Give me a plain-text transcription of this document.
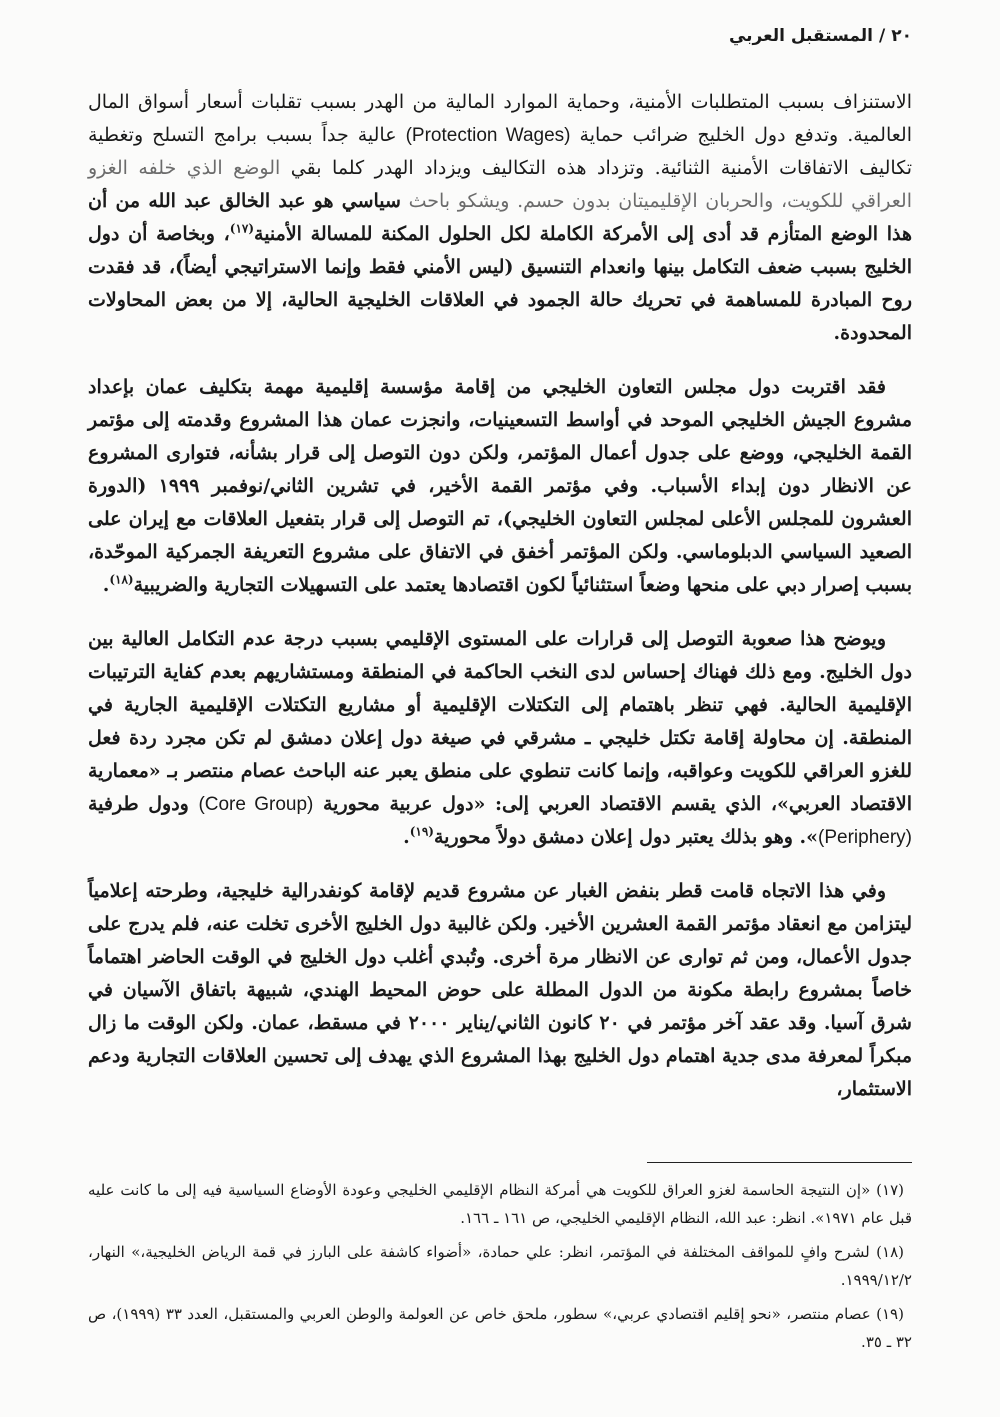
٢٠/المستقبل العربي

الاستنزاف بسبب المتطلبات الأمنية، وحماية الموارد المالية من الهدر بسبب تقلبات أسعار أسواق المال العالمية. وتدفع دول الخليج ضرائب حماية (Protection Wages) عالية جداً بسبب برامج التسلح وتغطية تكاليف الاتفاقات الأمنية الثنائية. وتزداد هذه التكاليف ويزداد الهدر كلما بقي الوضع الذي خلفه الغزو العراقي للكويت، والحربان الإقليميتان بدون حسم. ويشكو باحث سياسي هو عبد الخالق عبد الله من أن هذا الوضع المتأزم قد أدى إلى الأمركة الكاملة لكل الحلول المكنة للمسالة الأمنية$^{(١٧)}$، وبخاصة أن دول الخليج بسبب ضعف التكامل بينها وانعدام التنسيق (ليس الأمني فقط وإنما الاستراتيجي أيضاً)، قد فقدت روح المبادرة للمساهمة في تحريك حالة الجمود في العلاقات الخليجية الحالية، إلا من بعض المحاولات المحدودة.

فقد اقتربت دول مجلس التعاون الخليجي من إقامة مؤسسة إقليمية مهمة بتكليف عمان بإعداد مشروع الجيش الخليجي الموحد في أواسط التسعينيات، وانجزت عمان هذا المشروع وقدمته إلى مؤتمر القمة الخليجي، ووضع على جدول أعمال المؤتمر، ولكن دون التوصل إلى قرار بشأنه، فتوارى المشروع عن الانظار دون إبداء الأسباب. وفي مؤتمر القمة الأخير، في تشرين الثاني/نوفمبر ١٩٩٩ (الدورة العشرون للمجلس الأعلى لمجلس التعاون الخليجي)، تم التوصل إلى قرار بتفعيل العلاقات مع إيران على الصعيد السياسي الدبلوماسي. ولكن المؤتمر أخفق في الاتفاق على مشروع التعريفة الجمركية الموحّدة، بسبب إصرار دبي على منحها وضعاً استثنائياً لكون اقتصادها يعتمد على التسهيلات التجارية والضريبية$^{(١٨)}$.

ويوضح هذا صعوبة التوصل إلى قرارات على المستوى الإقليمي بسبب درجة عدم التكامل العالية بين دول الخليج. ومع ذلك فهناك إحساس لدى النخب الحاكمة في المنطقة ومستشاريهم بعدم كفاية الترتيبات الإقليمية الحالية. فهي تنظر باهتمام إلى التكتلات الإقليمية أو مشاريع التكتلات الإقليمية الجارية في المنطقة. إن محاولة إقامة تكتل خليجي ـ مشرقي في صيغة دول إعلان دمشق لم تكن مجرد ردة فعل للغزو العراقي للكويت وعواقبه، وإنما كانت تنطوي على منطق يعبر عنه الباحث عصام منتصر بـ «معمارية الاقتصاد العربي»، الذي يقسم الاقتصاد العربي إلى: «دول عربية محورية (Core Group) ودول طرفية (Periphery)». وهو بذلك يعتبر دول إعلان دمشق دولاً محورية$^{(١٩)}$.

وفي هذا الاتجاه قامت قطر بنفض الغبار عن مشروع قديم لإقامة كونفدرالية خليجية، وطرحته إعلامياً ليتزامن مع انعقاد مؤتمر القمة العشرين الأخير. ولكن غالبية دول الخليج الأخرى تخلت عنه، فلم يدرج على جدول الأعمال، ومن ثم توارى عن الانظار مرة أخرى. وتُبدي أغلب دول الخليج في الوقت الحاضر اهتماماً خاصاً بمشروع رابطة مكونة من الدول المطلة على حوض المحيط الهندي، شبيهة باتفاق الآسيان في شرق آسيا. وقد عقد آخر مؤتمر في ٢٠ كانون الثاني/يناير ٢٠٠٠ في مسقط، عمان. ولكن الوقت ما زال مبكراً لمعرفة مدى جدية اهتمام دول الخليج بهذا المشروع الذي يهدف إلى تحسين العلاقات التجارية ودعم الاستثمار،

(١٧) «إن النتيجة الحاسمة لغزو العراق للكويت هي أمركة النظام الإقليمي الخليجي وعودة الأوضاع السياسية فيه إلى ما كانت عليه قبل عام ١٩٧١». انظر: عبد الله، النظام الإقليمي الخليجي، ص ١٦١ ـ ١٦٦.

(١٨) لشرح وافٍ للمواقف المختلفة في المؤتمر، انظر: علي حمادة، «أضواء كاشفة على البارز في قمة الرياض الخليجية،» النهار، ١٩٩٩/١٢/٢.

(١٩) عصام منتصر، «نحو إقليم اقتصادي عربي،» سطور، ملحق خاص عن العولمة والوطن العربي والمستقبل، العدد ٣٣ (١٩٩٩)، ص ٣٢ ـ ٣٥.
